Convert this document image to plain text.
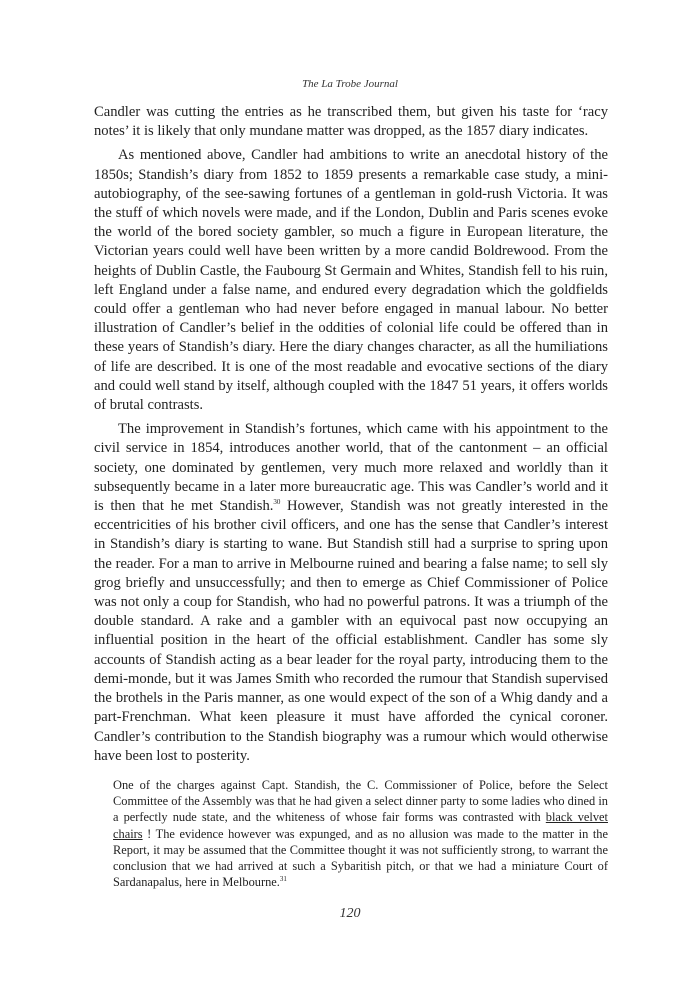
The La Trobe Journal

Candler was cutting the entries as he transcribed them, but given his taste for ‘racy notes’ it is likely that only mundane matter was dropped, as the 1857 diary indicates.

As mentioned above, Candler had ambitions to write an anecdotal history of the 1850s; Standish’s diary from 1852 to 1859 presents a remarkable case study, a mini-autobiography, of the see-sawing fortunes of a gentleman in gold-rush Victoria. It was the stuff of which novels were made, and if the London, Dublin and Paris scenes evoke the world of the bored society gambler, so much a figure in European literature, the Victorian years could well have been written by a more candid Boldrewood. From the heights of Dublin Castle, the Faubourg St Germain and Whites, Standish fell to his ruin, left England under a false name, and endured every degradation which the goldfields could offer a gentleman who had never before engaged in manual labour. No better illustration of Candler’s belief in the oddities of colonial life could be offered than in these years of Standish’s diary. Here the diary changes character, as all the humiliations of life are described. It is one of the most readable and evocative sections of the diary and could well stand by itself, although coupled with the 1847 51 years, it offers worlds of brutal contrasts.

The improvement in Standish’s fortunes, which came with his appointment to the civil service in 1854, introduces another world, that of the cantonment – an official society, one dominated by gentlemen, very much more relaxed and worldly than it subsequently became in a later more bureaucratic age. This was Candler’s world and it is then that he met Standish.$^{30}$ However, Standish was not greatly interested in the eccentricities of his brother civil officers, and one has the sense that Candler’s interest in Standish’s diary is starting to wane. But Standish still had a surprise to spring upon the reader. For a man to arrive in Melbourne ruined and bearing a false name; to sell sly grog briefly and unsuccessfully; and then to emerge as Chief Commissioner of Police was not only a coup for Standish, who had no powerful patrons. It was a triumph of the double standard. A rake and a gambler with an equivocal past now occupying an influential position in the heart of the official establishment. Candler has some sly accounts of Standish acting as a bear leader for the royal party, introducing them to the demi-monde, but it was James Smith who recorded the rumour that Standish supervised the brothels in the Paris manner, as one would expect of the son of a Whig dandy and a part-Frenchman. What keen pleasure it must have afforded the cynical coroner. Candler’s contribution to the Standish biography was a rumour which would otherwise have been lost to posterity.

One of the charges against Capt. Standish, the C. Commissioner of Police, before the Select Committee of the Assembly was that he had given a select dinner party to some ladies who dined in a perfectly nude state, and the whiteness of whose fair forms was contrasted with black velvet chairs ! The evidence however was expunged, and as no allusion was made to the matter in the Report, it may be assumed that the Committee thought it was not sufficiently strong, to warrant the conclusion that we had arrived at such a Sybaritish pitch, or that we had a miniature Court of Sardanapalus, here in Melbourne.$^{31}$
120
